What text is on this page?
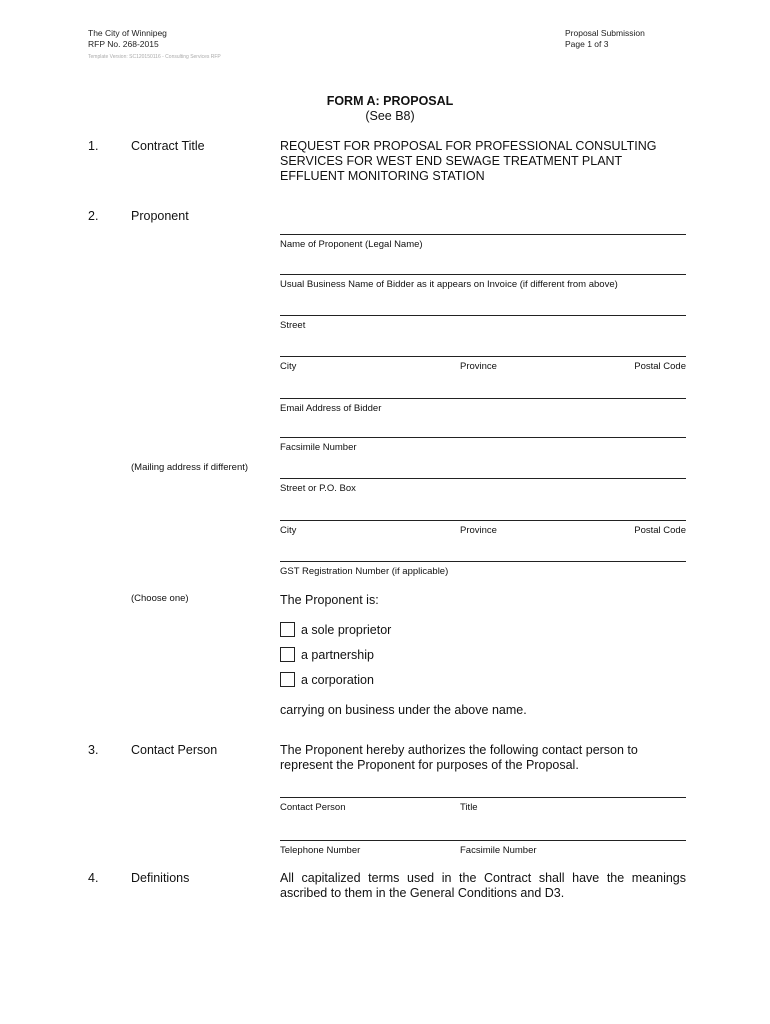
The City of Winnipeg
RFP No. 268-2015
Proposal Submission
Page 1 of 3
Template Version: SC120150116 - Consulting Services RFP
FORM A: PROPOSAL
(See B8)
1.	Contract Title	REQUEST FOR PROPOSAL FOR PROFESSIONAL CONSULTING SERVICES FOR WEST END SEWAGE TREATMENT PLANT EFFLUENT MONITORING STATION
2.	Proponent
Name of Proponent (Legal Name)
Usual Business Name of Bidder as it appears on Invoice (if different from above)
Street
City	Province	Postal Code
Email Address of Bidder
Facsimile Number
(Mailing address if different)
Street or P.O. Box
City	Province	Postal Code
GST Registration Number (if applicable)
(Choose one)	The Proponent is:
a sole proprietor
a partnership
a corporation
carrying on business under the above name.
3.	Contact Person	The Proponent hereby authorizes the following contact person to represent the Proponent for purposes of the Proposal.
Contact Person	Title
Telephone Number	Facsimile Number
4.	Definitions	All capitalized terms used in the Contract shall have the meanings ascribed to them in the General Conditions and D3.
